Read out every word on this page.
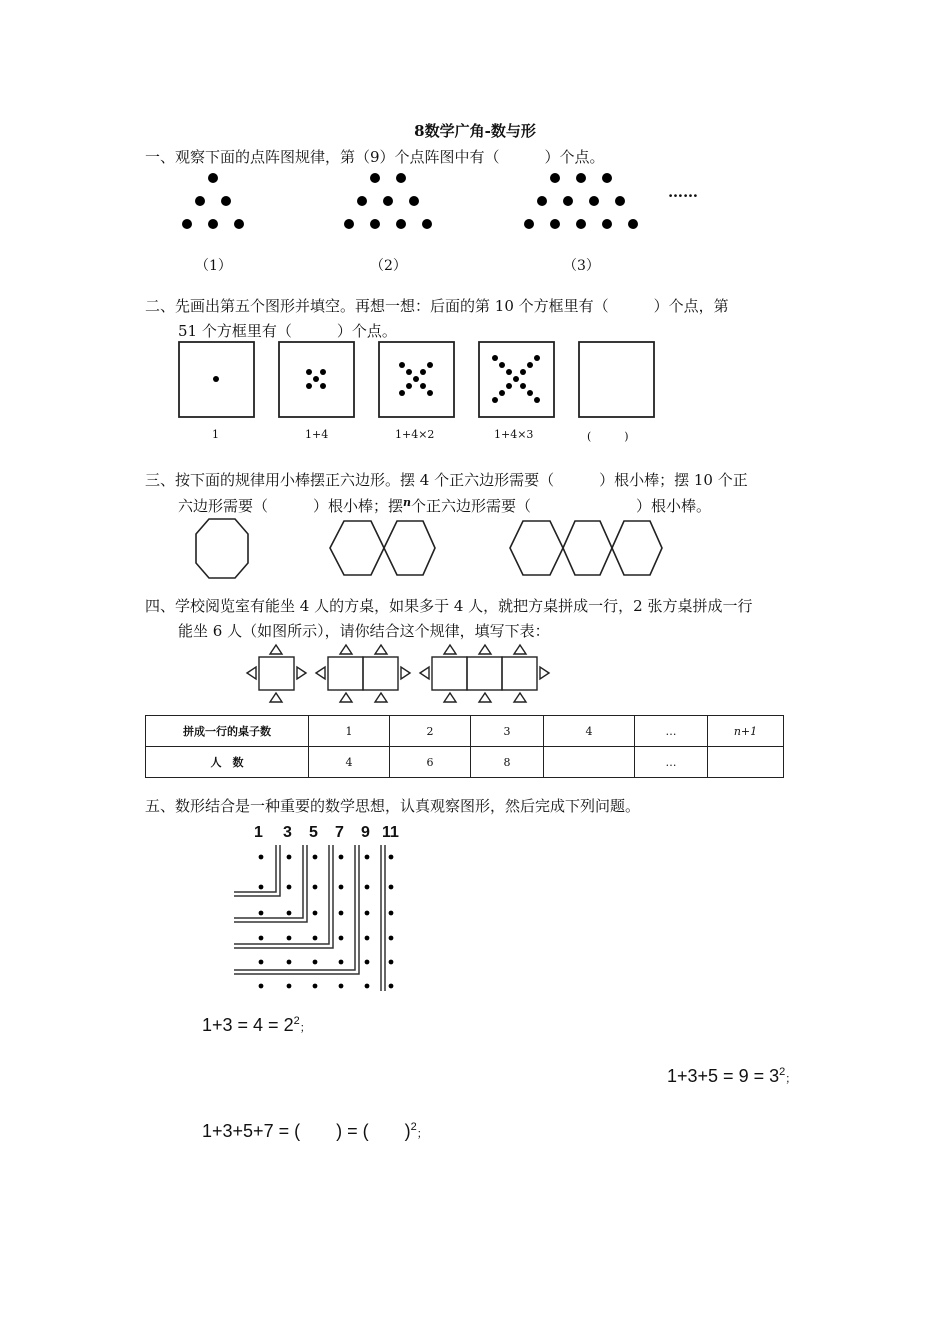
8数学广角-数与形
一、观察下面的点阵图规律，第（9）个点阵图中有（　　　）个点。
……
（1）	（2）	（3）
二、先画出第五个图形并填空。再想一想：后面的第 10 个方框里有（　　　）个点，第
51 个方框里有（　　　）个点。
1	1+4	1+4×2	1+4×3	(　　　)
三、按下面的规律用小棒摆正六边形。摆 4 个正六边形需要（　　　）根小棒；摆 10 个正
六边形需要（　　　）根小棒；摆$^n$个正六边形需要（　　　　　　　）根小棒。
四、学校阅览室有能坐 4 人的方桌，如果多于 4 人，就把方桌拼成一行，2 张方桌拼成一行
能坐 6 人（如图所示），请你结合这个规律，填写下表：
拼成一行的桌子数	1	2	3	4	…	n+1
人　数	4	6	8		…	
五、数形结合是一种重要的数学思想，认真观察图形，然后完成下列问题。
1 3 5 7 9 11
$1+3 = 4 = 2^2$；
$1+3+5 = 9 = 3^2$；
1+3+5+7 = (　　) = (　　)$^2$；
